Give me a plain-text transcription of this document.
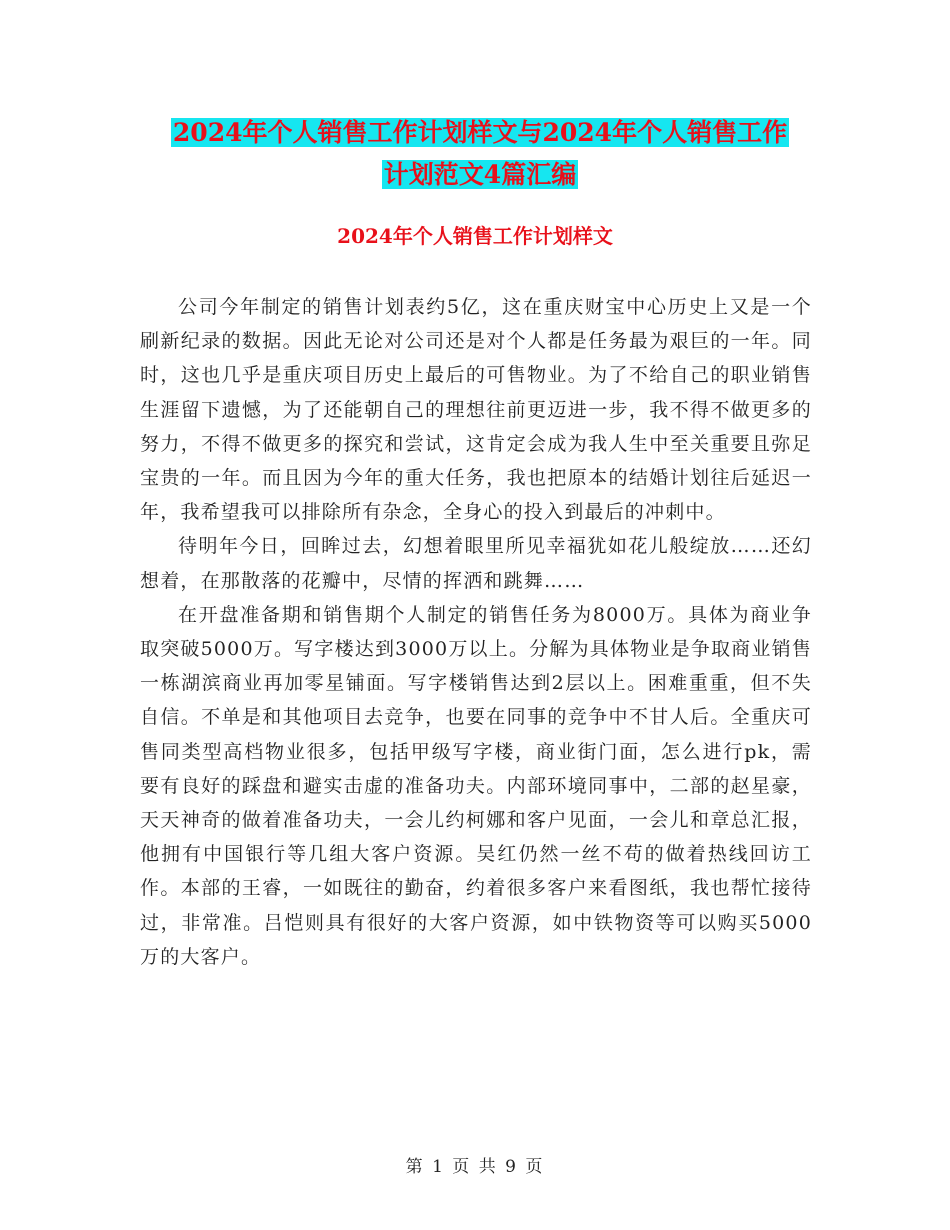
2024年个人销售工作计划样文与2024年个人销售工作
计划范文4篇汇编
2024年个人销售工作计划样文

公司今年制定的销售计划表约5亿，这在重庆财宝中心历史上又是一个刷新纪录的数据。因此无论对公司还是对个人都是任务最为艰巨的一年。同时，这也几乎是重庆项目历史上最后的可售物业。为了不给自己的职业销售生涯留下遗憾，为了还能朝自己的理想往前更迈进一步，我不得不做更多的努力，不得不做更多的探究和尝试，这肯定会成为我人生中至关重要且弥足宝贵的一年。而且因为今年的重大任务，我也把原本的结婚计划往后延迟一年，我希望我可以排除所有杂念，全身心的投入到最后的冲刺中。

待明年今日，回眸过去，幻想着眼里所见幸福犹如花儿般绽放……还幻想着，在那散落的花瓣中，尽情的挥洒和跳舞……

在开盘准备期和销售期个人制定的销售任务为8000万。具体为商业争取突破5000万。写字楼达到3000万以上。分解为具体物业是争取商业销售一栋湖滨商业再加零星铺面。写字楼销售达到2层以上。困难重重，但不失自信。不单是和其他项目去竞争，也要在同事的竞争中不甘人后。全重庆可售同类型高档物业很多，包括甲级写字楼，商业街门面，怎么进行pk，需要有良好的踩盘和避实击虚的准备功夫。内部环境同事中，二部的赵星豪，天天神奇的做着准备功夫，一会儿约柯娜和客户见面，一会儿和章总汇报，他拥有中国银行等几组大客户资源。吴红仍然一丝不苟的做着热线回访工作。本部的王睿，一如既往的勤奋，约着很多客户来看图纸，我也帮忙接待过，非常准。吕恺则具有很好的大客户资源，如中铁物资等可以购买5000万的大客户。

第 1 页 共 9 页
